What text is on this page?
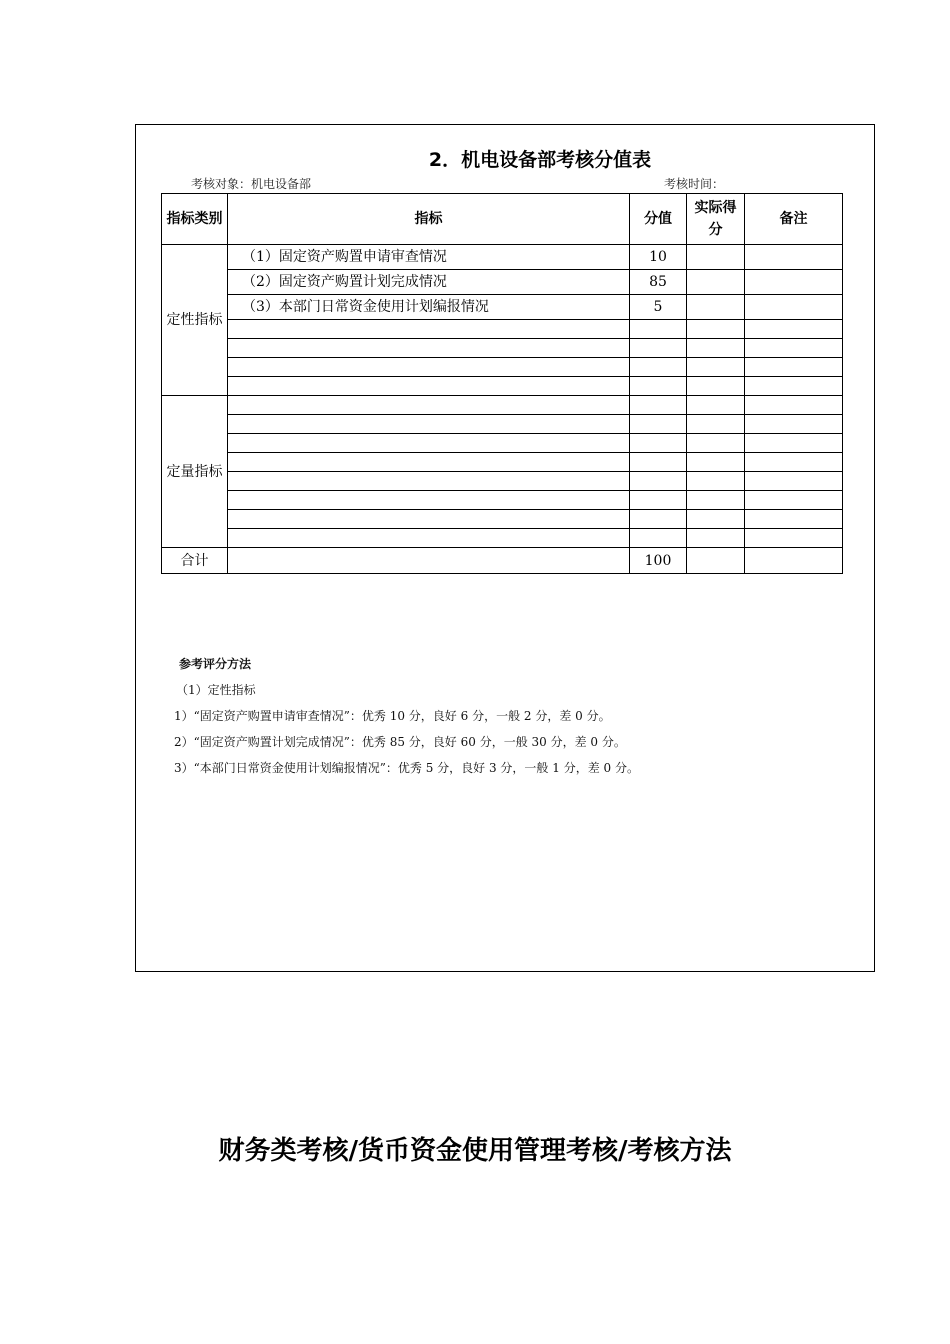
2．机电设备部考核分值表
考核对象：机电设备部	考核时间：
指标类别	指标	分值	实际得分	备注
定性指标	（1）固定资产购置申请审查情况	10		
	（2）固定资产购置计划完成情况	85		
	（3）本部门日常资金使用计划编报情况	5		

定量指标				

合计		100		
参考评分方法
（1）定性指标
1）“固定资产购置申请审查情况”：优秀 10 分，良好 6 分，一般 2 分，差 0 分。
2）“固定资产购置计划完成情况”：优秀 85 分，良好 60 分，一般 30 分，差 0 分。
3）“本部门日常资金使用计划编报情况”：优秀 5 分，良好 3 分，一般 1 分，差 0 分。
财务类考核/货币资金使用管理考核/考核方法
